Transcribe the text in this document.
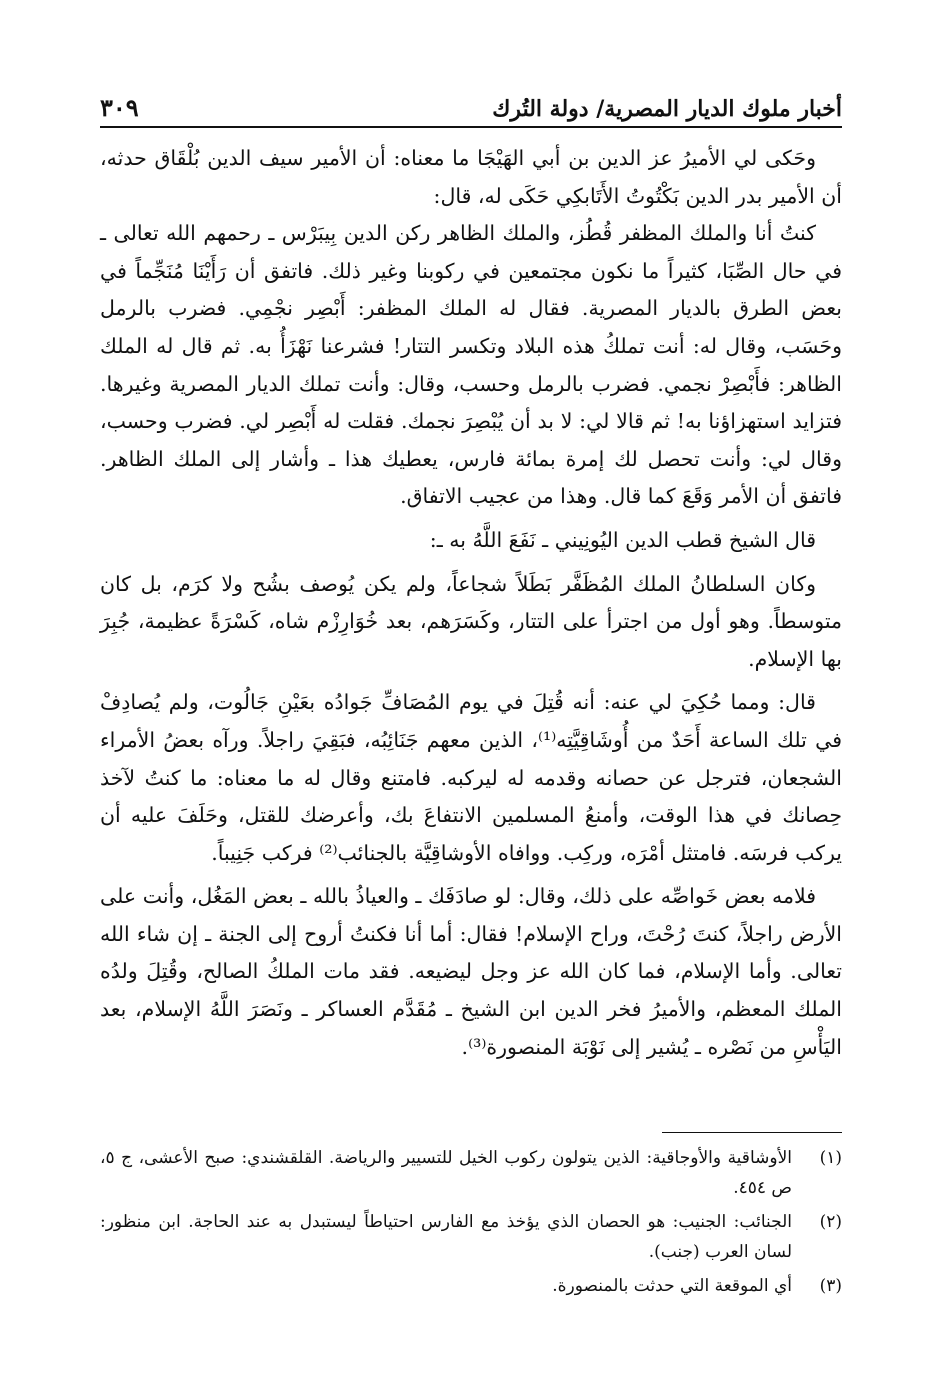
أخبار ملوك الديار المصرية/ دولة التُرك
٣٠٩

وحَكى لي الأميرُ عز الدين بن أبي الهَيْجَا ما معناه: أن الأمير سيف الدين بُلْقَاق حدثه، أن الأمير بدر الدين بَكْتُوتُ الأَتَابكِي حَكَى له، قال:

كنتُ أنا والملك المظفر قُطُز، والملك الظاهر ركن الدين بِيبَرْس ـ رحمهم الله تعالى ـ في حال الصِّبَا، كثيراً ما نكون مجتمعين في ركوبنا وغير ذلك. فاتفق أن رَأَيْنَا مُنَجِّماً في بعض الطرق بالديار المصرية. فقال له الملك المظفر: أَبْصِر نجْمِي. فضرب بالرمل وحَسَب، وقال له: أنت تملكُ هذه البلاد وتكسر التتار! فشرعنا نَهْزَأُ به. ثم قال له الملك الظاهر: فأَبْصِرْ نجمي. فضرب بالرمل وحسب، وقال: وأنت تملك الديار المصرية وغيرها. فتزايد استهزاؤنا به! ثم قالا لي: لا بد أن يُبْصِرَ نجمك. فقلت له أَبْصِر لي. فضرب وحسب، وقال لي: وأنت تحصل لك إمرة بمائة فارس، يعطيك هذا ـ وأشار إلى الملك الظاهر. فاتفق أن الأمر وَقَعَ كما قال. وهذا من عجيب الاتفاق.

قال الشيخ قطب الدين اليُونِيني ـ نَفَعَ اللَّهُ به ـ:

وكان السلطانُ الملك المُظَفَّر بَطَلاً شجاعاً، ولم يكن يُوصف بشُح ولا كرَم، بل كان متوسطاً. وهو أول من اجترأ على التتار، وكَسَرَهم، بعد خُوَارِزْم شاه، كَسْرَةً عظيمة، جُبِرَ بها الإسلام.

قال: ومما حُكِيَ لي عنه: أنه قُتِلَ في يوم المُصَافِّ جَوادُه بعَيْنِ جَالُوت، ولم يُصادِفْ في تلك الساعة أَحَدٌ من أُوشَاقِيَّتِه⁽¹⁾، الذين معهم جَنَائِبُه، فبَقِيَ راجلاً. ورآه بعضُ الأمراء الشجعان، فترجل عن حصانه وقدمه له ليركبه. فامتنع وقال له ما معناه: ما كنتُ لآخذ حِصانك في هذا الوقت، وأمنعُ المسلمين الانتفاعَ بك، وأعرضك للقتل، وحَلَفَ عليه أن يركب فرسَه. فامتثل أمْرَه، وركِب. ووافاه الأوشاقِيَّة بالجنائب⁽²⁾ فركب جَنِيباً.

فلامه بعض خَواصِّه على ذلك، وقال: لو صادَفَك ـ والعياذُ بالله ـ بعض المَغُل، وأنت على الأرض راجلاً، كنتَ رُحْتَ، وراح الإسلام! فقال: أما أنا فكنتُ أروح إلى الجنة ـ إن شاء الله تعالى. وأما الإسلام، فما كان الله عز وجل ليضيعه. فقد مات الملكُ الصالح، وقُتِلَ ولدُه الملك المعظم، والأميرُ فخر الدين ابن الشيخ ـ مُقَدَّم العساكر ـ ونَصَرَ اللَّهُ الإسلام، بعد اليَأْسِ من نَصْره ـ يُشير إلى نَوْبَة المنصورة⁽³⁾.

(١)
الأوشاقية والأوجاقية: الذين يتولون ركوب الخيل للتسيير والرياضة. القلقشندي: صبح الأعشى، ج ٥، ص ٤٥٤.
(٢)
الجنائب: الجنيب: هو الحصان الذي يؤخذ مع الفارس احتياطاً ليستبدل به عند الحاجة. ابن منظور: لسان العرب (جنب).
(٣)
أي الموقعة التي حدثت بالمنصورة.
